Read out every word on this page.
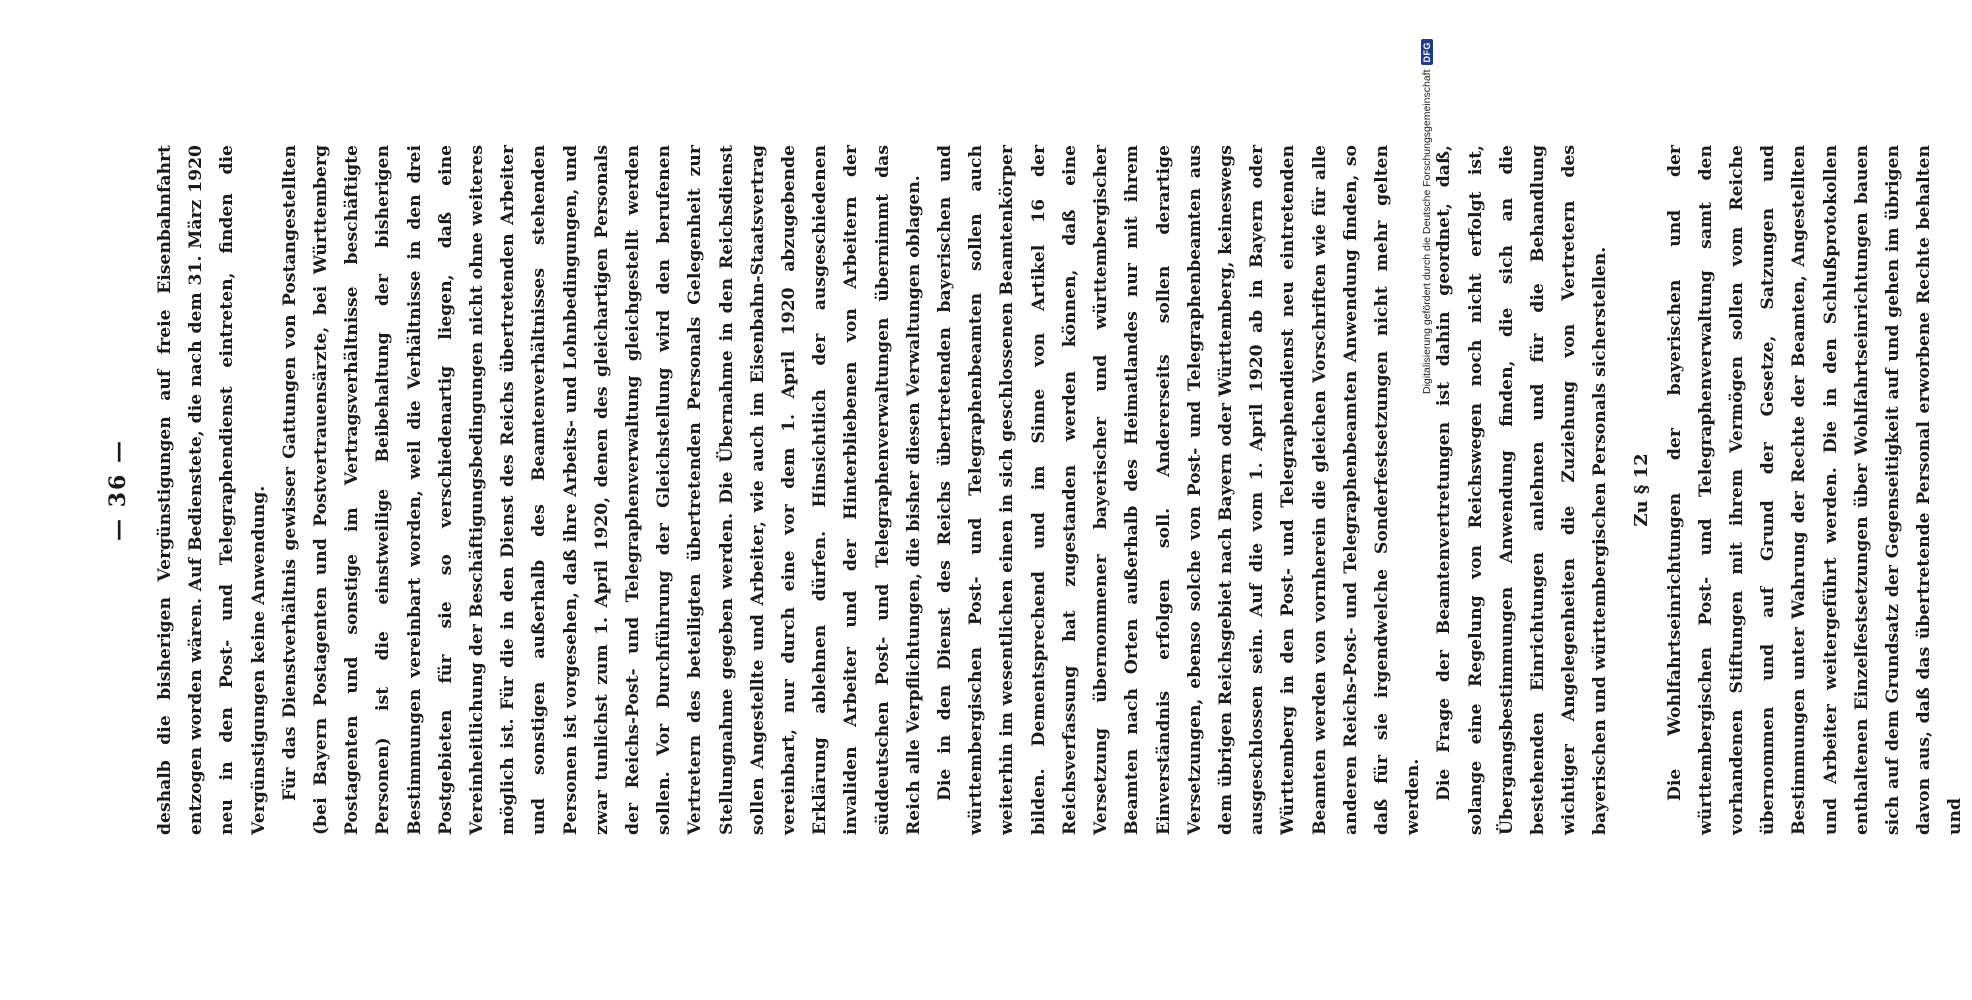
— 36 — deshalb die bisherigen Vergünstigungen auf freie Eisenbahnfahrt entzogen worden wären. Auf Bedienstete, die nach dem 31. März 1920 neu in den Post- und Telegraphendienst eintreten, finden die Vergünstigungen keine Anwendung. Für das Dienstverhältnis gewisser Gattungen von Postangestellten (bei Bayern Postagenten und Postvertrauensärzte, bei Württemberg Postagenten und sonstige im Vertragsverhältnisse beschäftigte Personen) ist die einstweilige Beibehaltung der bisherigen Bestimmungen vereinbart worden, weil die Verhältnisse in den drei Postgebieten für sie so verschiedenartig liegen, daß eine Vereinheitlichung der Beschäftigungsbedingungen nicht ohne weiteres möglich ist. Für die in den Dienst des Reichs übertretenden Arbeiter und sonstigen außerhalb des Beamtenverhältnisses stehenden Personen ist vorgesehen, daß ihre Arbeits- und Lohnbedingungen, und zwar tunlichst zum 1. April 1920, denen des gleichartigen Personals der Reichs-Post- und Telegraphenverwaltung gleichgestellt werden sollen. Vor Durchführung der Gleichstellung wird den berufenen Vertretern des beteiligten übertretenden Personals Gelegenheit zur Stellungnahme gegeben werden. Die Übernahme in den Reichsdienst sollen Angestellte und Arbeiter, wie auch im Eisenbahn-Staatsvertrag vereinbart, nur durch eine vor dem 1. April 1920 abzugebende Erklärung ablehnen dürfen. Hinsichtlich der ausgeschiedenen invaliden Arbeiter und der Hinterbliebenen von Arbeitern der süddeutschen Post- und Telegraphenverwaltungen übernimmt das Reich alle Verpflichtungen, die bisher diesen Verwaltungen oblagen. Die in den Dienst des Reichs übertretenden bayerischen und württembergischen Post- und Telegraphenbeamten sollen auch weiterhin im wesentlichen einen in sich geschlossenen Beamtenkörper bilden. Dementsprechend und im Sinne von Artikel 16 der Reichsverfassung hat zugestanden werden können, daß eine Versetzung übernommener bayerischer und württembergischer Beamten nach Orten außerhalb des Heimatlandes nur mit ihrem Einverständnis erfolgen soll. Andererseits sollen derartige Versetzungen, ebenso solche von Post- und Telegraphenbeamten aus dem übrigen Reichsgebiet nach Bayern oder Württemberg, keineswegs ausgeschlossen sein. Auf die vom 1. April 1920 ab in Bayern oder Württemberg in den Post- und Telegraphendienst neu eintretenden Beamten werden von vornherein die gleichen Vorschriften wie für alle anderen Reichs-Post- und Telegraphenbeamten Anwendung finden, so daß für sie irgendwelche Sonderfestsetzungen nicht mehr gelten werden. Die Frage der Beamtenvertretungen ist dahin geordnet, daß, solange eine Regelung von Reichswegen noch nicht erfolgt ist, Übergangsbestimmungen Anwendung finden, die sich an die bestehenden Einrichtungen anlehnen und für die Behandlung wichtiger Angelegenheiten die Zuziehung von Vertretern des bayerischen und württembergischen Personals sicherstellen.	Zu § 12 Die Wohlfahrtseinrichtungen der bayerischen und der württembergischen Post- und Telegraphenverwaltung samt den vorhandenen Stiftungen mit ihrem Vermögen sollen vom Reiche übernommen und auf Grund der Gesetze, Satzungen und Bestimmungen unter Wahrung der Rechte der Beamten, Angestellten und Arbeiter weitergeführt werden. Die in den Schlußprotokollen enthaltenen Einzelfestsetzungen über Wohlfahrtseinrichtungen bauen sich auf dem Grundsatz der Gegenseitigkeit auf und gehen im übrigen davon aus, daß das übertretende Personal erworbene Rechte behalten und

Digitalisierung gefördert durch die Deutsche Forschungsgemeinschaft
DFG
